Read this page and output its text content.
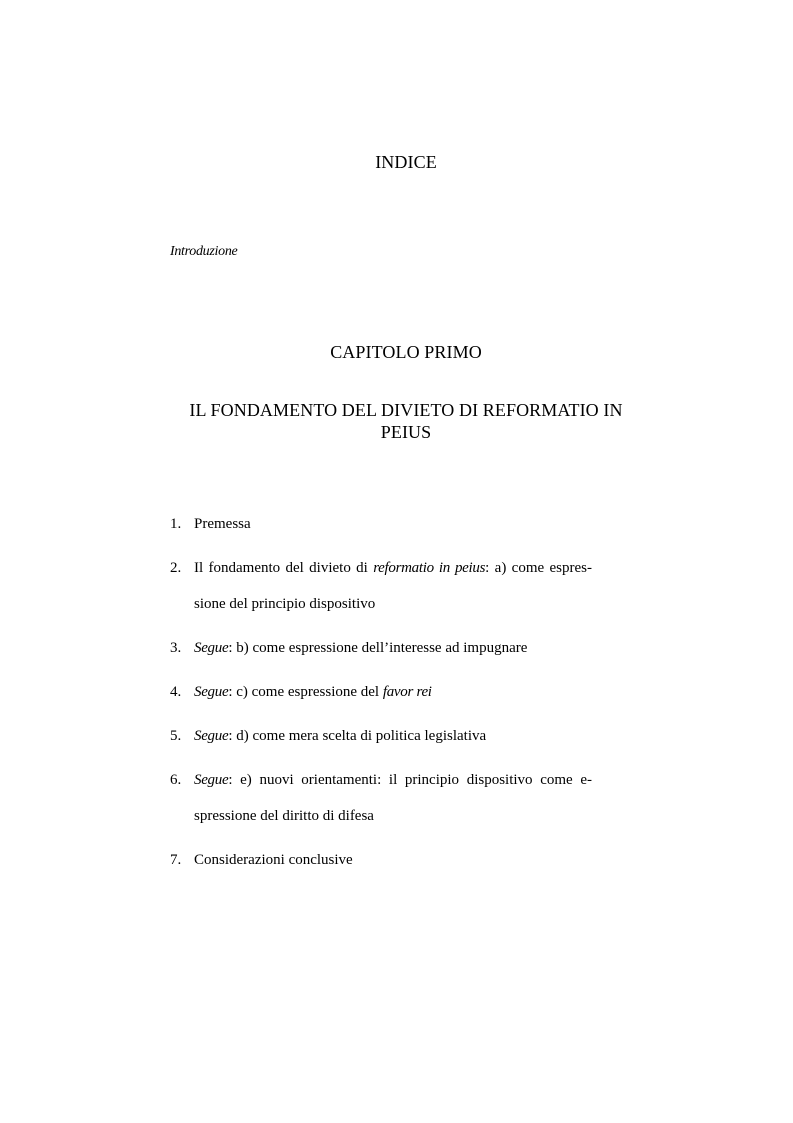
INDICE
Introduzione
CAPITOLO PRIMO
IL FONDAMENTO DEL DIVIETO DI REFORMATIO IN
PEIUS
1. Premessa
2. Il fondamento del divieto di reformatio in peius: a) come espres-sione del principio dispositivo
3. Segue: b) come espressione dell’interesse ad impugnare
4. Segue: c) come espressione del favor rei
5. Segue: d) come mera scelta di politica legislativa
6. Segue: e) nuovi orientamenti: il principio dispositivo come e-spressione del diritto di difesa
7. Considerazioni conclusive
